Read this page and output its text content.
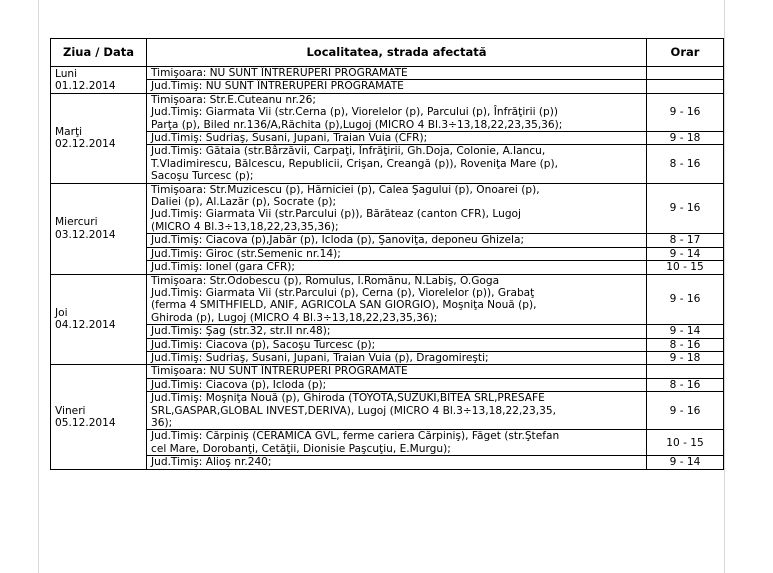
Ziua / Data	Localitatea, strada afectată	Orar

Luni
01.12.2014	Timişoara: NU SUNT ÎNTRERUPERI PROGRAMATE	

	Jud.Timiş: NU SUNT ÎNTRERUPERI PROGRAMATE	

Marţi
02.12.2014	Timişoara: Str.E.Cuteanu nr.26;
Jud.Timiş: Giarmata Vii (str.Cerna (p), Viorelelor (p), Parcului (p), Înfrăţirii (p))
Parţa (p), Biled nr.136/A,Răchita (p),Lugoj (MICRO 4 Bl.3÷13,18,22,23,35,36);	9 - 16

	Jud.Timiş: Sudriaş, Susani, Jupani, Traian Vuia (CFR);	9 - 18

	Jud.Timiş: Gătaia (str.Bârzăvii, Carpaţi, Înfrăţirii, Gh.Doja, Colonie, A.Iancu,
T.Vladimirescu, Bălcescu, Republicii, Crişan, Creangă (p)), Roveniţa Mare (p),
Sacoşu Turcesc (p);	8 - 16

Miercuri
03.12.2014	Timişoara: Str.Muzicescu (p), Hărniciei (p), Calea Şagului (p), Onoarei (p),
Daliei (p), Al.Lazăr (p), Socrate (p);
Jud.Timiş: Giarmata Vii (str.Parcului (p)), Bărăteaz (canton CFR), Lugoj
(MICRO 4 Bl.3÷13,18,22,23,35,36);	9 - 16

	Jud.Timiş: Ciacova (p),Jabăr (p), Icloda (p), Şanoviţa, deponeu Ghizela;	8 - 17

	Jud.Timiş: Giroc (str.Semenic nr.14);	9 - 14

	Jud.Timiş: Ionel (gara CFR);	10 - 15

Joi
04.12.2014	Timişoara: Str.Odobescu (p), Romulus, I.Romănu, N.Labiş, O.Goga
Jud.Timiş: Giarmata Vii (str.Parcului (p), Cerna (p), Viorelelor (p)), Grabaţ
(ferma 4 SMITHFIELD, ANIF, AGRICOLA SAN GIORGIO), Moşniţa Nouă (p),
Ghiroda (p), Lugoj (MICRO 4 Bl.3÷13,18,22,23,35,36);	9 - 16

	Jud.Timiş: Şag (str.32, str.II nr.48);	9 - 14

	Jud.Timiş: Ciacova (p), Sacoşu Turcesc (p);	8 - 16

	Jud.Timiş: Sudriaş, Susani, Jupani, Traian Vuia (p), Dragomireşti;	9 - 18

Vineri
05.12.2014	Timişoara: NU SUNT ÎNTRERUPERI PROGRAMATE	

	Jud.Timiş: Ciacova (p), Icloda (p);	8 - 16

	Jud.Timiş: Moşniţa Nouă (p), Ghiroda (TOYOTA,SUZUKI,BITEA SRL,PRESAFE
SRL,GASPAR,GLOBAL INVEST,DERIVA), Lugoj (MICRO 4 Bl.3÷13,18,22,23,35,
36);	9 - 16

	Jud.Timiş: Cărpiniş (CERAMICA GVL, ferme cariera Cărpiniş), Făget (str.Ştefan
cel Mare, Dorobanţi, Cetăţii, Dionisie Paşcuţiu, E.Murgu);	10 - 15

	Jud.Timiş: Alioş nr.240;	9 - 14
